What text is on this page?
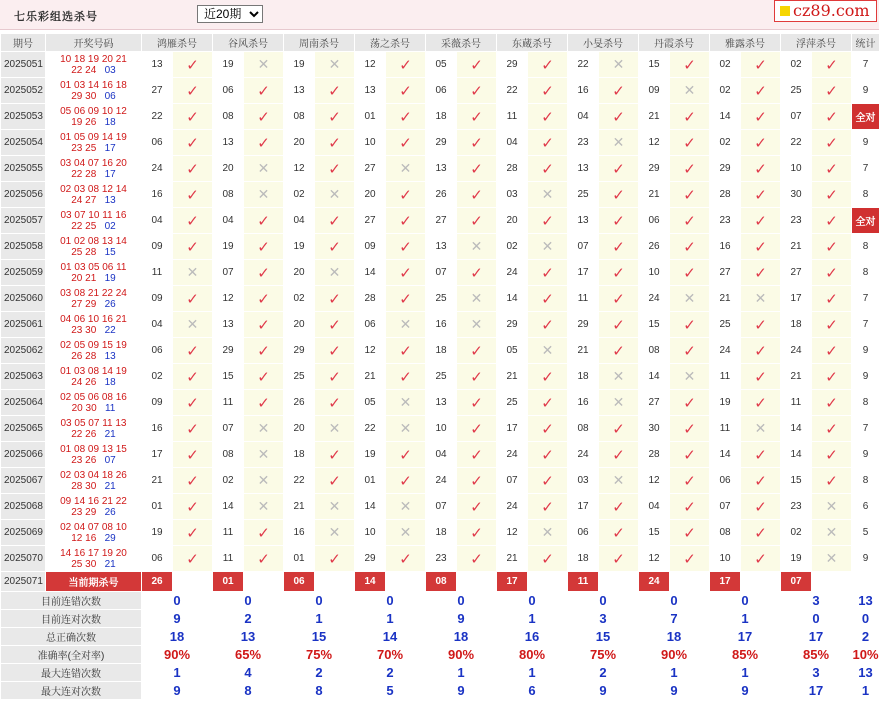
七乐彩组选杀号
近20期	cz89.com
期号	开奖号码	鸿雁杀号		谷风杀号		周南杀号		荡之杀号		采薇杀号		东蔵杀号		小旻杀号		丹霞杀号		雅露杀号		浮萍杀号		统计
2025051	10 18 19 20 21
22 24 03	13	✓	19	✕	19	✕	12	✓	05	✓	29	✓	22	✕	15	✓	02	✓	02	✓	7
2025052	01 03 14 16 18
29 30 06	27	✓	06	✓	13	✓	13	✓	06	✓	22	✓	16	✓	09	✕	02	✓	25	✓	9
2025053	05 06 09 10 12
19 26 18	22	✓	08	✓	08	✓	01	✓	18	✓	11	✓	04	✓	21	✓	14	✓	07	✓	全对
2025054	01 05 09 14 19
23 25 17	06	✓	13	✓	20	✓	10	✓	29	✓	04	✓	23	✕	12	✓	02	✓	22	✓	9
2025055	03 04 07 16 20
22 28 17	24	✓	20	✕	12	✓	27	✕	13	✓	28	✓	13	✓	29	✓	29	✓	10	✓	7
2025056	02 03 08 12 14
24 27 13	16	✓	08	✕	02	✕	20	✓	26	✓	03	✕	25	✓	21	✓	28	✓	30	✓	8
2025057	03 07 10 11 16
22 25 02	04	✓	04	✓	04	✓	27	✓	27	✓	20	✓	13	✓	06	✓	23	✓	23	✓	全对
2025058	01 02 08 13 14
25 28 15	09	✓	19	✓	19	✓	09	✓	13	✕	02	✕	07	✓	26	✓	16	✓	21	✓	8
2025059	01 03 05 06 11
20 21 19	11	✕	07	✓	20	✕	14	✓	07	✓	24	✓	17	✓	10	✓	27	✓	27	✓	8
2025060	03 08 21 22 24
27 29 26	09	✓	12	✓	02	✓	28	✓	25	✕	14	✓	11	✓	24	✕	21	✕	17	✓	7
2025061	04 06 10 16 21
23 30 22	04	✕	13	✓	20	✓	06	✕	16	✕	29	✓	29	✓	15	✓	25	✓	18	✓	7
2025062	02 05 09 15 19
26 28 13	06	✓	29	✓	29	✓	12	✓	18	✓	05	✕	21	✓	08	✓	24	✓	24	✓	9
2025063	01 03 08 14 19
24 26 18	02	✓	15	✓	25	✓	21	✓	25	✓	21	✓	18	✕	14	✕	11	✓	21	✓	9
2025064	02 05 06 08 16
20 30 11	09	✓	11	✓	26	✓	05	✕	13	✓	25	✓	16	✕	27	✓	19	✓	11	✓	8
2025065	03 05 07 11 13
22 26 21	16	✓	07	✕	20	✕	22	✕	10	✓	17	✓	08	✓	30	✓	11	✕	14	✓	7
2025066	01 08 09 13 15
23 26 07	17	✓	08	✕	18	✓	19	✓	04	✓	24	✓	24	✓	28	✓	14	✓	14	✓	9
2025067	02 03 04 18 26
28 30 21	21	✓	02	✕	22	✓	01	✓	24	✓	07	✓	03	✕	12	✓	06	✓	15	✓	8
2025068	09 14 16 21 22
23 29 26	01	✓	14	✕	21	✕	14	✕	07	✓	24	✓	17	✓	04	✓	07	✓	23	✕	6
2025069	02 04 07 08 10
12 16 29	19	✓	11	✓	16	✕	10	✕	18	✓	12	✕	06	✓	15	✓	08	✓	02	✕	5
2025070	14 16 17 19 20
25 30 21	06	✓	11	✓	01	✓	29	✓	23	✓	21	✓	18	✓	12	✓	10	✓	19	✕	9
2025071	当前期杀号	26		01		06		14		08		17		11		24		17		07		
目前连错次数		0		0		0		0		0		0		0		0		0		3		13
目前连对次数		9		2		1		1		9		1		3		7		1		0		0
总正确次数		18		13		15		14		18		16		15		18		17		17		2
准确率(全对率)		90%		65%		75%		70%		90%		80%		75%		90%		85%		85%		10%
最大连错次数		1		4		2		2		1		1		2		1		1		3		13
最大连对次数		9		8		8		5		9		6		9		9		9		17		1
